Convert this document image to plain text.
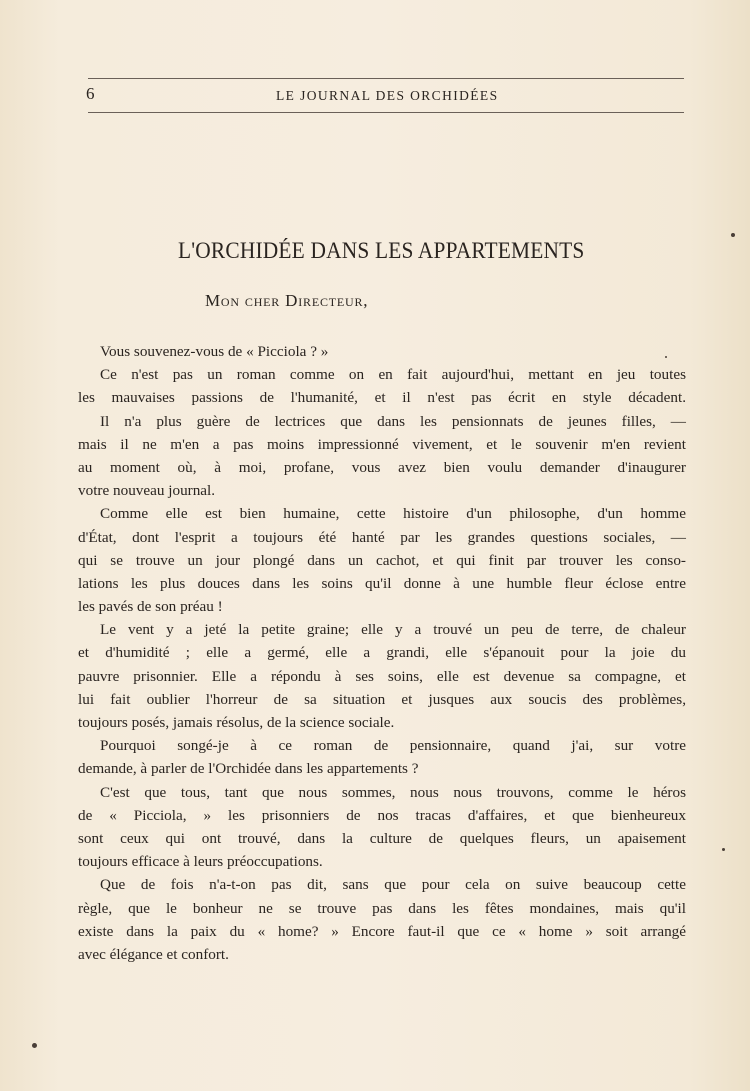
6	LE JOURNAL DES ORCHIDÉES
L'ORCHIDÉE DANS LES APPARTEMENTS
Mon cher Directeur,
Vous souvenez-vous de « Picciola ? »
Ce n'est pas un roman comme on en fait aujourd'hui, mettant en jeu toutes
les mauvaises passions de l'humanité, et il n'est pas écrit en style décadent.
Il n'a plus guère de lectrices que dans les pensionnats de jeunes filles, —
mais il ne m'en a pas moins impressionné vivement, et le souvenir m'en revient
au moment où, à moi, profane, vous avez bien voulu demander d'inaugurer
votre nouveau journal.
Comme elle est bien humaine, cette histoire d'un philosophe, d'un homme
d'État, dont l'esprit a toujours été hanté par les grandes questions sociales, —
qui se trouve un jour plongé dans un cachot, et qui finit par trouver les conso-
lations les plus douces dans les soins qu'il donne à une humble fleur éclose entre
les pavés de son préau !
Le vent y a jeté la petite graine; elle y a trouvé un peu de terre, de chaleur
et d'humidité ; elle a germé, elle a grandi, elle s'épanouit pour la joie du
pauvre prisonnier. Elle a répondu à ses soins, elle est devenue sa compagne, et
lui fait oublier l'horreur de sa situation et jusques aux soucis des problèmes,
toujours posés, jamais résolus, de la science sociale.
Pourquoi songé-je à ce roman de pensionnaire, quand j'ai, sur votre
demande, à parler de l'Orchidée dans les appartements ?
C'est que tous, tant que nous sommes, nous nous trouvons, comme le héros
de « Picciola, » les prisonniers de nos tracas d'affaires, et que bienheureux
sont ceux qui ont trouvé, dans la culture de quelques fleurs, un apaisement
toujours efficace à leurs préoccupations.
Que de fois n'a-t-on pas dit, sans que pour cela on suive beaucoup cette
règle, que le bonheur ne se trouve pas dans les fêtes mondaines, mais qu'il
existe dans la paix du « home? » Encore faut-il que ce « home » soit arrangé
avec élégance et confort.
